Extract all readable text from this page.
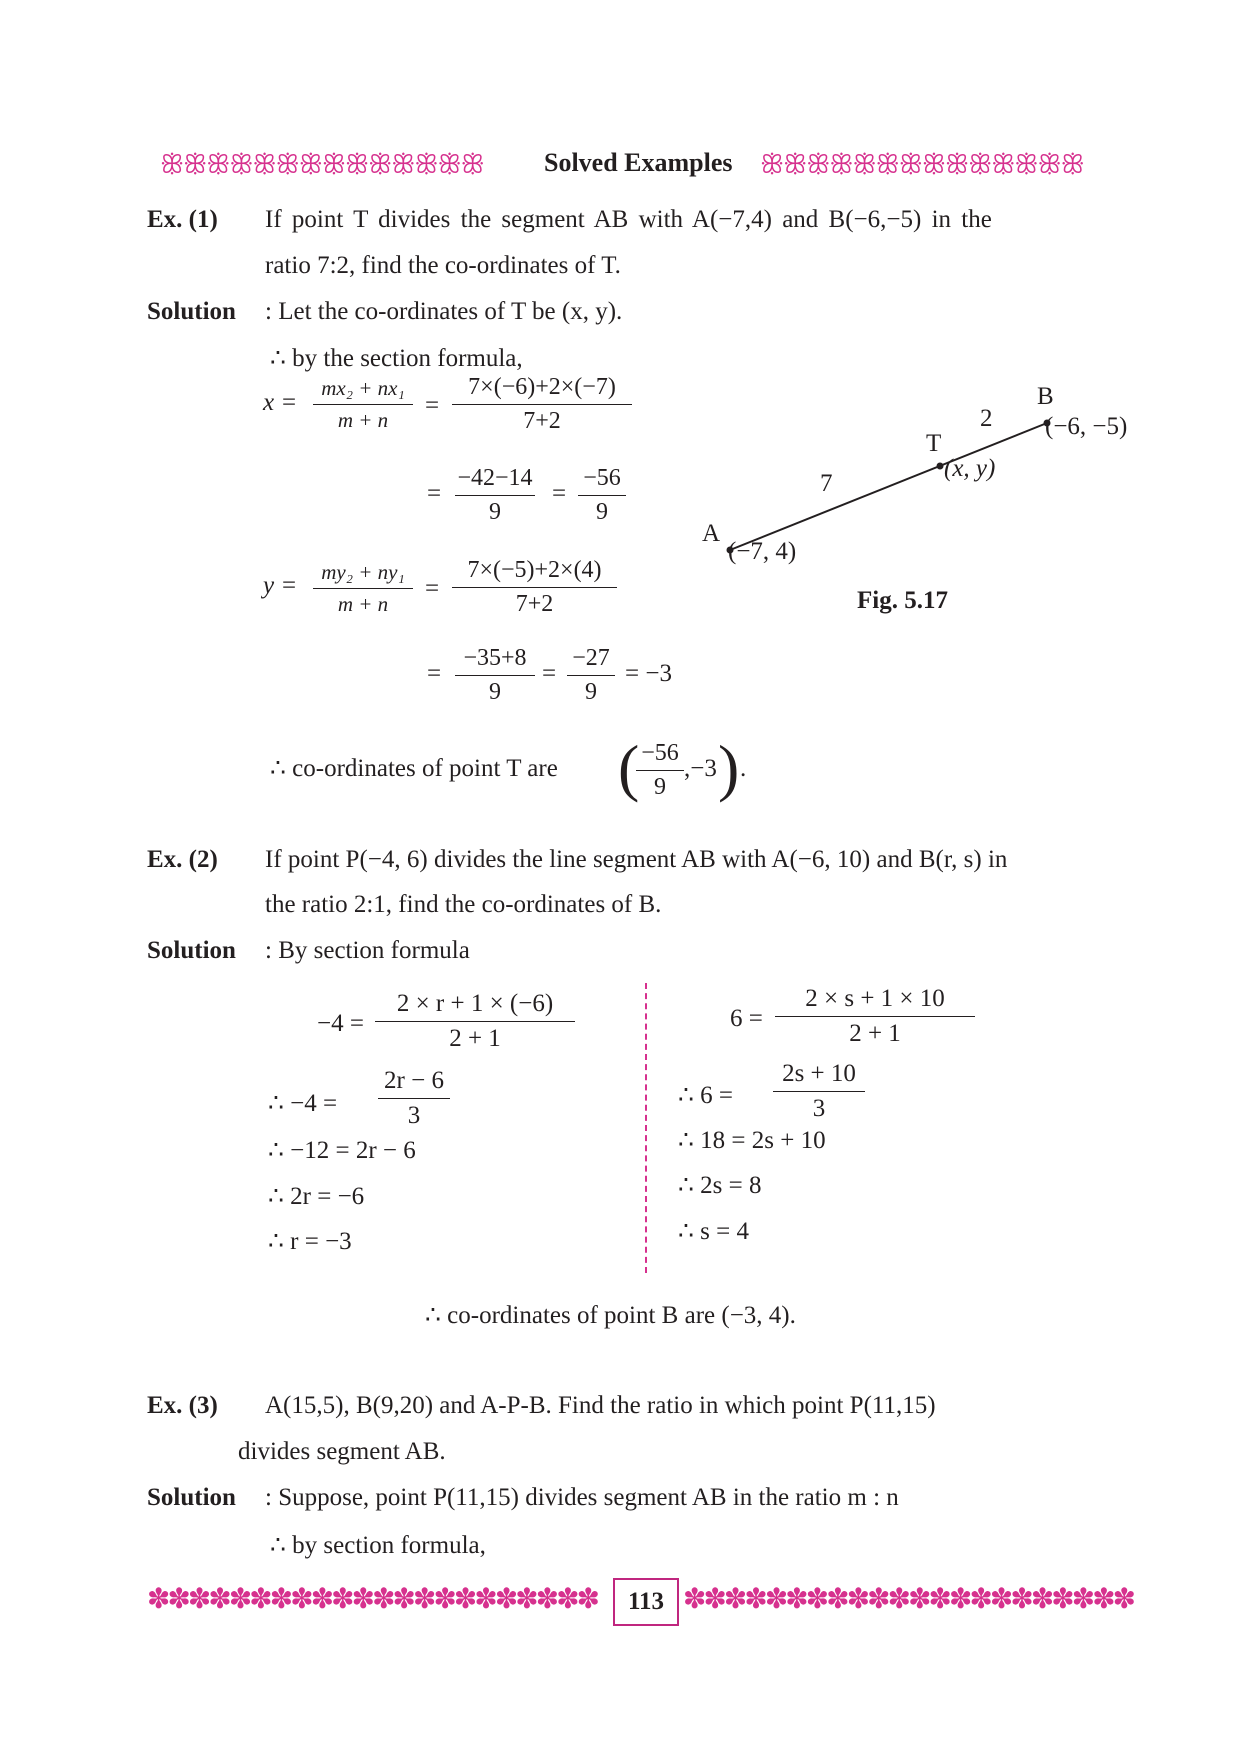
ꕥꕥꕥꕥꕥꕥꕥꕥꕥꕥꕥꕥꕥꕥ	Solved Examples ꕥꕥꕥꕥꕥꕥꕥꕥꕥꕥꕥꕥꕥꕥ
Ex. (1) If point T divides the segment AB with A(−7,4) and B(−6,−5) in the
ratio 7:2, find the co-ordinates of T.
Solution : Let the co-ordinates of T be (x, y).
∴ by the section formula,
x =
mx₂ + nx₁
m + n
=
7×(−6)+2×(−7)
7+2
=
−42−14
9
=
−56
9
y =	my₂ + ny₁
m + n
=
7×(−5)+2×(4)
7+2
=
−35+8
9
=
−27
9
= −3
∴ co-ordinates of point T are ( −56
9
,−3 ) .
A
(−7, 4)
T
(x, y)
B
(−6, −5)
7
2
Fig. 5.17
Ex. (2) If point P(−4, 6) divides the line segment AB with A(−6, 10) and B(r, s) in
the ratio 2:1, find the co-ordinates of B.
Solution : By section formula
−4 =
2 × r + 1 × (−6)
2 + 1
∴ −4 =
2r − 6
3
∴ −12 = 2r − 6
∴ 2r = −6
∴ r = −3
6 =
2 × s + 1 × 10
2 + 1
∴ 6 =
2s + 10
3
∴ 18 = 2s + 10
∴ 2s = 8
∴ s = 4
∴ co-ordinates of point B are (−3, 4).
Ex. (3) A(15,5), B(9,20) and A-P-B. Find the ratio in which point P(11,15)
divides segment AB.
Solution : Suppose, point P(11,15) divides segment AB in the ratio m : n
∴ by section formula,
✽✽✽✽✽✽✽✽✽✽✽✽✽✽✽✽✽✽✽✽✽✽	113 ✽✽✽✽✽✽✽✽✽✽✽✽✽✽✽✽✽✽✽✽✽✽
